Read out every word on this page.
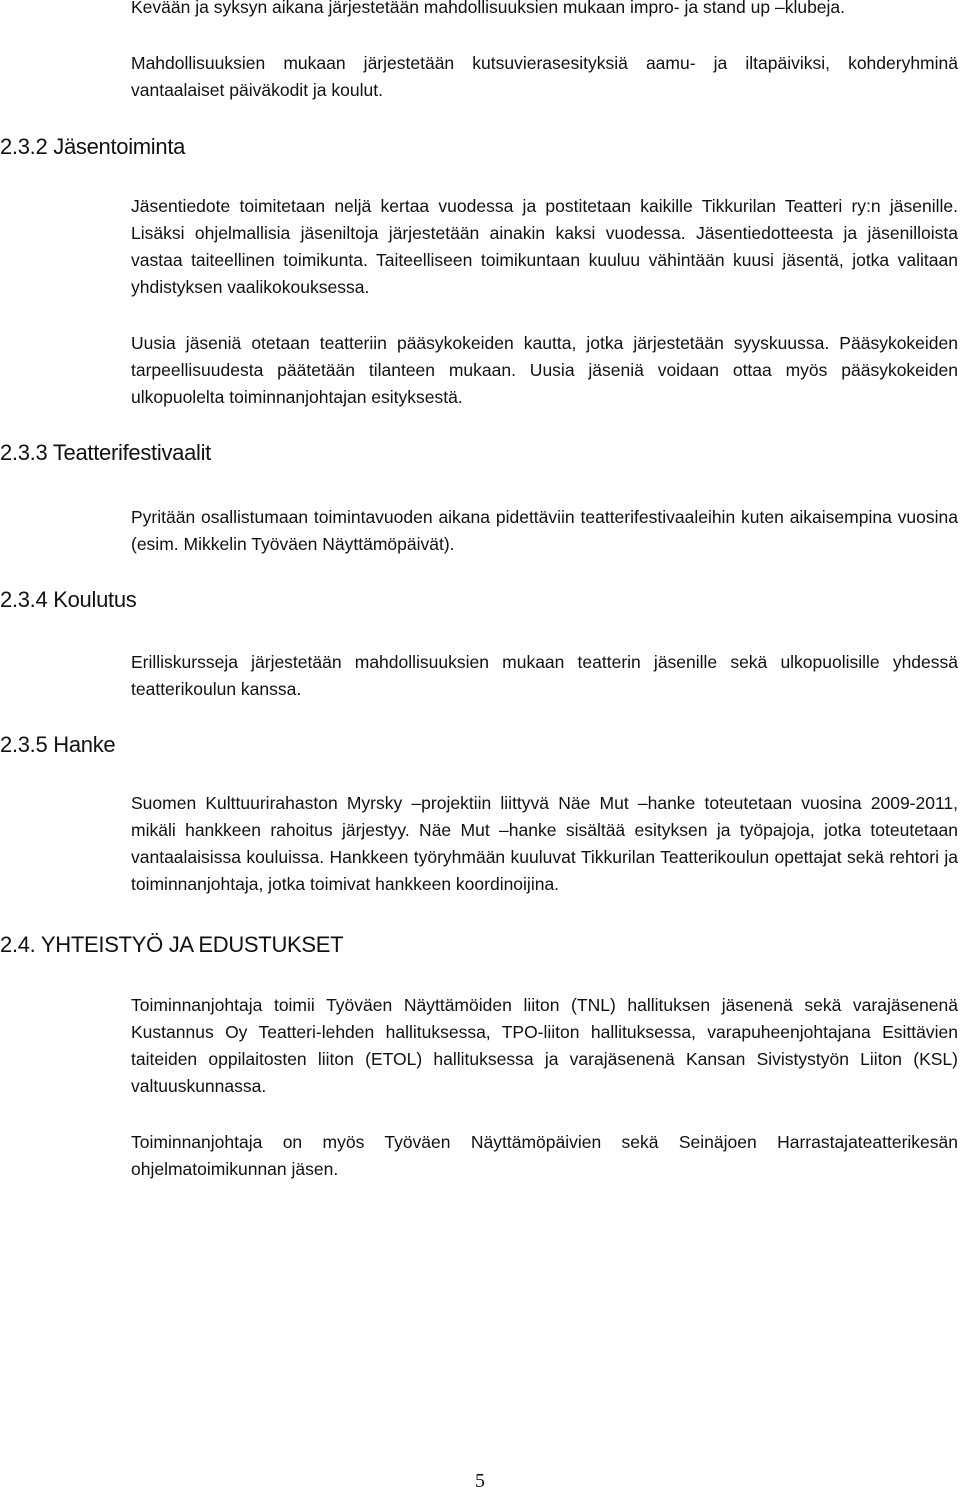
Kevään ja syksyn aikana järjestetään mahdollisuuksien mukaan impro- ja stand up –klubeja.

Mahdollisuuksien mukaan järjestetään kutsuvierasesityksiä aamu- ja iltapäiviksi, kohderyhminä vantaalaiset päiväkodit ja koulut.

2.3.2 Jäsentoiminta

Jäsentiedote toimitetaan neljä kertaa vuodessa ja postitetaan kaikille Tikkurilan Teatteri ry:n jäsenille. Lisäksi ohjelmallisia jäseniltoja järjestetään ainakin kaksi vuodessa. Jäsentiedotteesta ja jäsenilloista vastaa taiteellinen toimikunta. Taiteelliseen toimikuntaan kuuluu vähintään kuusi jäsentä, jotka valitaan yhdistyksen vaalikokouksessa.

Uusia jäseniä otetaan teatteriin pääsykokeiden kautta, jotka järjestetään syyskuussa. Pääsykokeiden tarpeellisuudesta päätetään tilanteen mukaan. Uusia jäseniä voidaan ottaa myös pääsykokeiden ulkopuolelta toiminnanjohtajan esityksestä.

2.3.3 Teatterifestivaalit

Pyritään osallistumaan toimintavuoden aikana pidettäviin teatterifestivaaleihin kuten aikaisempina vuosina (esim. Mikkelin Työväen Näyttämöpäivät).

2.3.4 Koulutus

Erilliskursseja järjestetään mahdollisuuksien mukaan teatterin jäsenille sekä ulkopuolisille yhdessä teatterikoulun kanssa.

2.3.5 Hanke

Suomen Kulttuurirahaston Myrsky –projektiin liittyvä Näe Mut –hanke toteutetaan vuosina 2009-2011, mikäli hankkeen rahoitus järjestyy. Näe Mut –hanke sisältää esityksen ja työpajoja, jotka toteutetaan vantaalaisissa kouluissa. Hankkeen työryhmään kuuluvat Tikkurilan Teatterikoulun opettajat sekä rehtori ja toiminnanjohtaja, jotka toimivat hankkeen koordinoijina.

2.4. YHTEISTYÖ JA EDUSTUKSET

Toiminnanjohtaja toimii Työväen Näyttämöiden liiton (TNL) hallituksen jäsenenä sekä varajäsenenä Kustannus Oy Teatteri-lehden hallituksessa, TPO-liiton hallituksessa, varapuheenjohtajana Esittävien taiteiden oppilaitosten liiton (ETOL) hallituksessa ja varajäsenenä Kansan Sivistystyön Liiton (KSL) valtuuskunnassa.

Toiminnanjohtaja on myös Työväen Näyttämöpäivien sekä Seinäjoen Harrastajateatterikesän ohjelmatoimikunnan jäsen.

5
